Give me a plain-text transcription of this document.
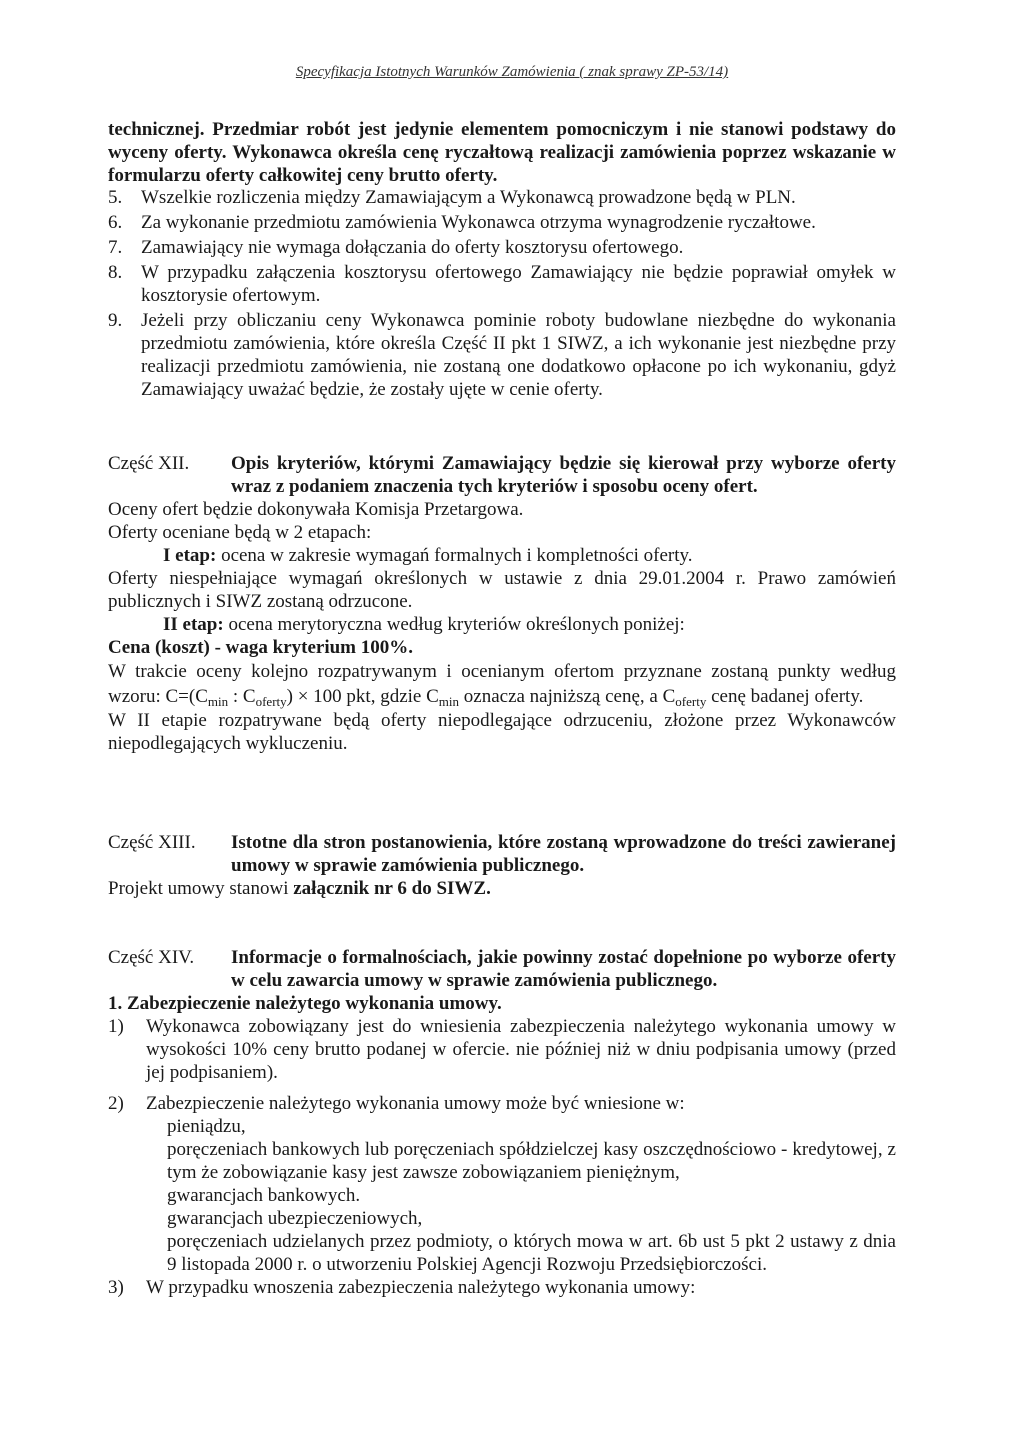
Specyfikacja Istotnych Warunków Zamówienia ( znak sprawy ZP-53/14)
technicznej. Przedmiar robót jest jedynie elementem pomocniczym i nie stanowi podstawy do wyceny oferty. Wykonawca określa cenę ryczałtową realizacji zamówienia poprzez wskazanie w formularzu oferty całkowitej ceny brutto oferty.
5. Wszelkie rozliczenia między Zamawiającym a Wykonawcą prowadzone będą w PLN.
6. Za wykonanie przedmiotu zamówienia Wykonawca otrzyma wynagrodzenie ryczałtowe.
7. Zamawiający nie wymaga dołączania do oferty kosztorysu ofertowego.
8. W przypadku załączenia kosztorysu ofertowego Zamawiający nie będzie poprawiał omyłek w kosztorysie ofertowym.
9. Jeżeli przy obliczaniu ceny Wykonawca pominie roboty budowlane niezbędne do wykonania przedmiotu zamówienia, które określa Część II pkt 1 SIWZ, a ich wykonanie jest niezbędne przy realizacji przedmiotu zamówienia, nie zostaną one dodatkowo opłacone po ich wykonaniu, gdyż Zamawiający uważać będzie, że zostały ujęte w cenie oferty.
Część XII.	Opis kryteriów, którymi Zamawiający będzie się kierował przy wyborze oferty wraz z podaniem znaczenia tych kryteriów i sposobu oceny ofert.
Oceny ofert będzie dokonywała Komisja Przetargowa.
Oferty oceniane będą w 2 etapach:
I etap: ocena w zakresie wymagań formalnych i kompletności oferty.
Oferty niespełniające wymagań określonych w ustawie z dnia 29.01.2004 r. Prawo zamówień publicznych i SIWZ zostaną odrzucone.
II etap: ocena merytoryczna według kryteriów określonych poniżej:
Cena (koszt) - waga kryterium 100%.
W trakcie oceny kolejno rozpatrywanym i ocenianym ofertom przyznane zostaną punkty według wzoru: $C=(C_{min}$ : $C_{oferty}) \times 100$ pkt, gdzie $C_{min}$ oznacza najniższą cenę, a $C_{oferty}$ cenę badanej oferty.
W II etapie rozpatrywane będą oferty niepodlegające odrzuceniu, złożone przez Wykonawców niepodlegających wykluczeniu.
Część XIII.	Istotne dla stron postanowienia, które zostaną wprowadzone do treści zawieranej umowy w sprawie zamówienia publicznego.
Projekt umowy stanowi załącznik nr 6 do SIWZ.
Część XIV.	Informacje o formalnościach, jakie powinny zostać dopełnione po wyborze oferty w celu zawarcia umowy w sprawie zamówienia publicznego.
1. Zabezpieczenie należytego wykonania umowy.
1)	Wykonawca zobowiązany jest do wniesienia zabezpieczenia należytego wykonania umowy w wysokości 10% ceny brutto podanej w ofercie. nie później niż w dniu podpisania umowy (przed jej podpisaniem).
2)	Zabezpieczenie należytego wykonania umowy może być wniesione w:
pieniądzu,
poręczeniach bankowych lub poręczeniach spółdzielczej kasy oszczędnościowo - kredytowej, z tym że zobowiązanie kasy jest zawsze zobowiązaniem pieniężnym,
gwarancjach bankowych.
gwarancjach ubezpieczeniowych,
poręczeniach udzielanych przez podmioty, o których mowa w art. 6b ust 5 pkt 2 ustawy z dnia 9 listopada 2000 r. o utworzeniu Polskiej Agencji Rozwoju Przedsiębiorczości.
3)	W przypadku wnoszenia zabezpieczenia należytego wykonania umowy:
